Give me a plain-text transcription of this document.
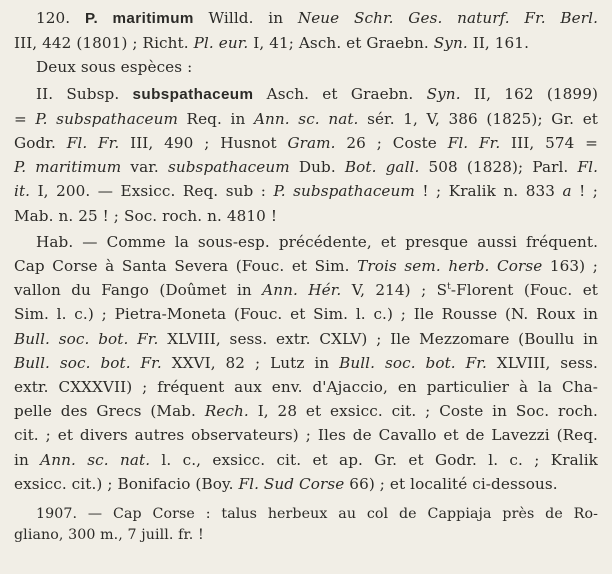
120. P. maritimum Willd. in Neue Schr. Ges. naturf. Fr. Berl.
III, 442 (1801) ; Richt. Pl. eur. I, 41; Asch. et Graebn. Syn. II, 161.
Deux sous espèces :
II. Subsp. subspathaceum Asch. et Graebn. Syn. II, 162 (1899)
= P. subspathaceum Req. in Ann. sc. nat. sér. 1, V, 386 (1825); Gr. et
Godr. Fl. Fr. III, 490 ; Husnot Gram. 26 ; Coste Fl. Fr. III, 574 =
P. maritimum var. subspathaceum Dub. Bot. gall. 508 (1828); Parl. Fl.
it. I, 200. — Exsicc. Req. sub : P. subspathaceum ! ; Kralik n. 833 a ! ;
Mab. n. 25 ! ; Soc. roch. n. 4810 !
Hab. — Comme la sous-esp. précédente, et presque aussi fréquent.
Cap Corse à Santa Severa (Fouc. et Sim. Trois sem. herb. Corse 163) ;
vallon du Fango (Doûmet in Ann. Hér. V, 214) ; $S^t$-Florent (Fouc. et
Sim. l. c.) ; Pietra-Moneta (Fouc. et Sim. l. c.) ; Ile Rousse (N. Roux in
Bull. soc. bot. Fr. XLVIII, sess. extr. CXLV) ; Ile Mezzomare (Boullu in
Bull. soc. bot. Fr. XXVI, 82 ; Lutz in Bull. soc. bot. Fr. XLVIII, sess.
extr. CXXXVII) ; fréquent aux env. d'Ajaccio, en particulier à la Cha-
pelle des Grecs (Mab. Rech. I, 28 et exsicc. cit. ; Coste in Soc. roch.
cit. ; et divers autres observateurs) ; Iles de Cavallo et de Lavezzi (Req.
in Ann. sc. nat. l. c., exsicc. cit. et ap. Gr. et Godr. l. c. ; Kralik
exsicc. cit.) ; Bonifacio (Boy. Fl. Sud Corse 66) ; et localité ci-dessous.
1907. — Cap Corse : talus herbeux au col de Cappiaja près de Ro-
gliano, 300 m., 7 juill. fr. !
